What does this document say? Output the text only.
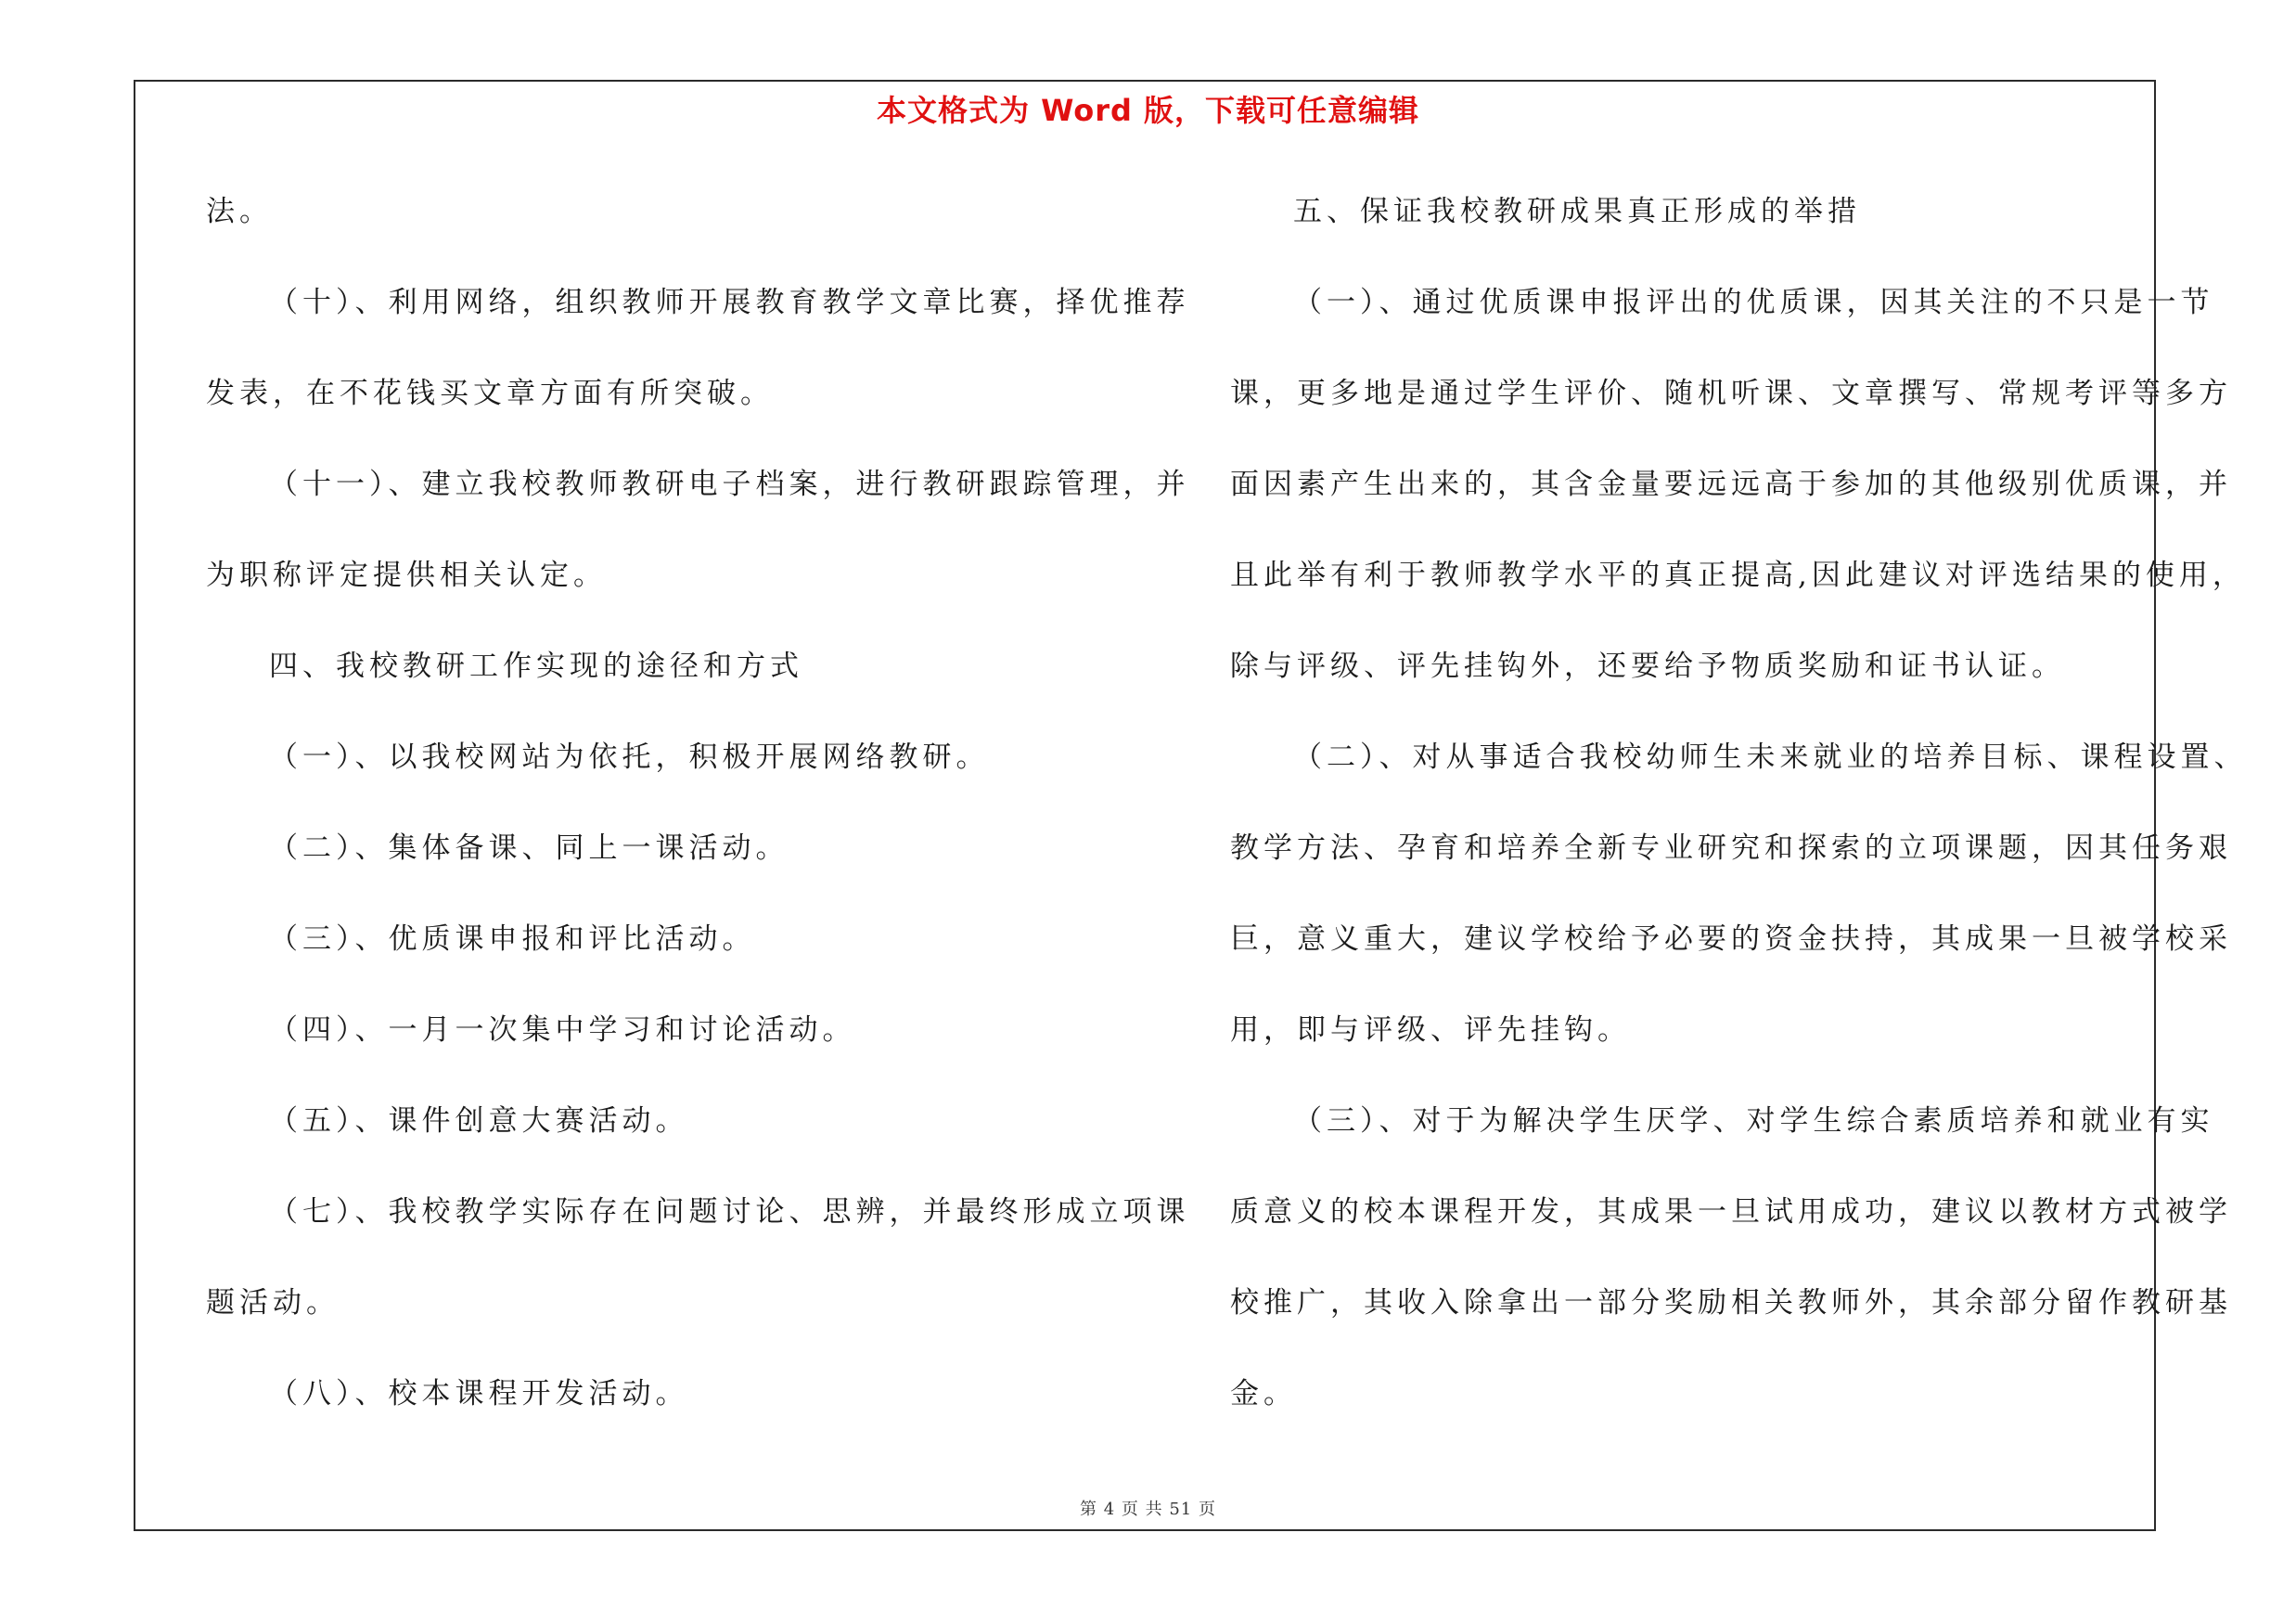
本文格式为 Word 版，下载可任意编辑
法。
（十）、利用网络，组织教师开展教育教学文章比赛，择优推荐
发表，在不花钱买文章方面有所突破。
（十一）、建立我校教师教研电子档案，进行教研跟踪管理，并
为职称评定提供相关认定。
四、我校教研工作实现的途径和方式
（一）、以我校网站为依托，积极开展网络教研。
（二）、集体备课、同上一课活动。
（三）、优质课申报和评比活动。
（四）、一月一次集中学习和讨论活动。
（五）、课件创意大赛活动。
（七）、我校教学实际存在问题讨论、思辨，并最终形成立项课
题活动。
（八）、校本课程开发活动。
五、保证我校教研成果真正形成的举措
（一）、通过优质课申报评出的优质课，因其关注的不只是一节
课，更多地是通过学生评价、随机听课、文章撰写、常规考评等多方
面因素产生出来的，其含金量要远远高于参加的其他级别优质课，并
且此举有利于教师教学水平的真正提高,因此建议对评选结果的使用，
除与评级、评先挂钩外，还要给予物质奖励和证书认证。
（二）、对从事适合我校幼师生未来就业的培养目标、课程设置、
教学方法、孕育和培养全新专业研究和探索的立项课题，因其任务艰
巨，意义重大，建议学校给予必要的资金扶持，其成果一旦被学校采
用，即与评级、评先挂钩。
（三）、对于为解决学生厌学、对学生综合素质培养和就业有实
质意义的校本课程开发，其成果一旦试用成功，建议以教材方式被学
校推广，其收入除拿出一部分奖励相关教师外，其余部分留作教研基
金。
第 4 页 共 51 页
